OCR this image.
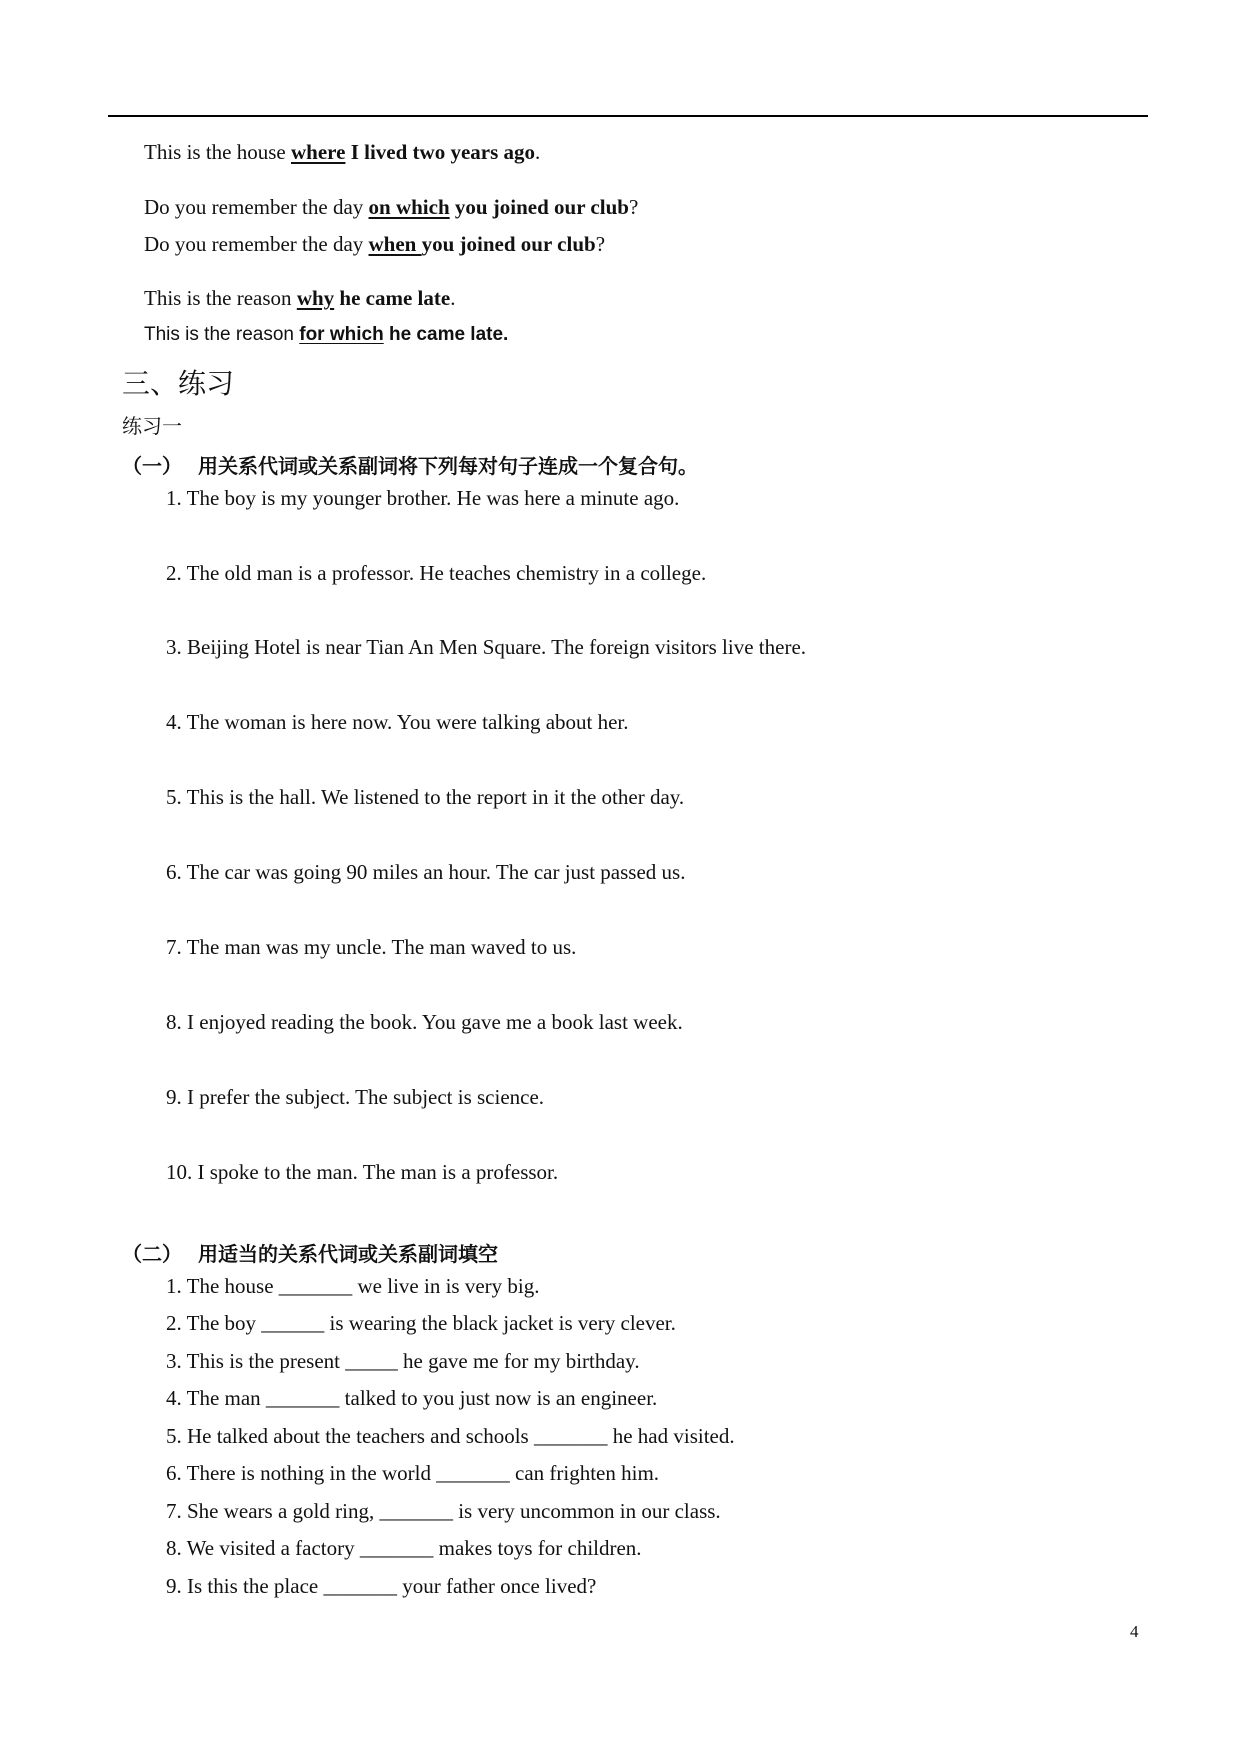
This is the house where I lived two years ago.
Do you remember the day on which you joined our club?
Do you remember the day when you joined our club?
This is the reason why he came late.
This is the reason for which he came late.
三、练习
练习一
（一） 用关系代词或关系副词将下列每对句子连成一个复合句。
1. The boy is my younger brother. He was here a minute ago.
2. The old man is a professor. He teaches chemistry in a college.
3. Beijing Hotel is near Tian An Men Square. The foreign visitors live there.
4. The woman is here now. You were talking about her.
5. This is the hall. We listened to the report in it the other day.
6. The car was going 90 miles an hour. The car just passed us.
7. The man was my uncle. The man waved to us.
8. I enjoyed reading the book. You gave me a book last week.
9. I prefer the subject. The subject is science.
10. I spoke to the man. The man is a professor.
（二） 用适当的关系代词或关系副词填空
1. The house _______ we live in is very big.
2. The boy ______ is wearing the black jacket is very clever.
3. This is the present _____ he gave me for my birthday.
4. The man _______ talked to you just now is an engineer.
5. He talked about the teachers and schools _______ he had visited.
6. There is nothing in the world _______ can frighten him.
7. She wears a gold ring, _______ is very uncommon in our class.
8. We visited a factory _______ makes toys for children.
9. Is this the place _______ your father once lived?
4
